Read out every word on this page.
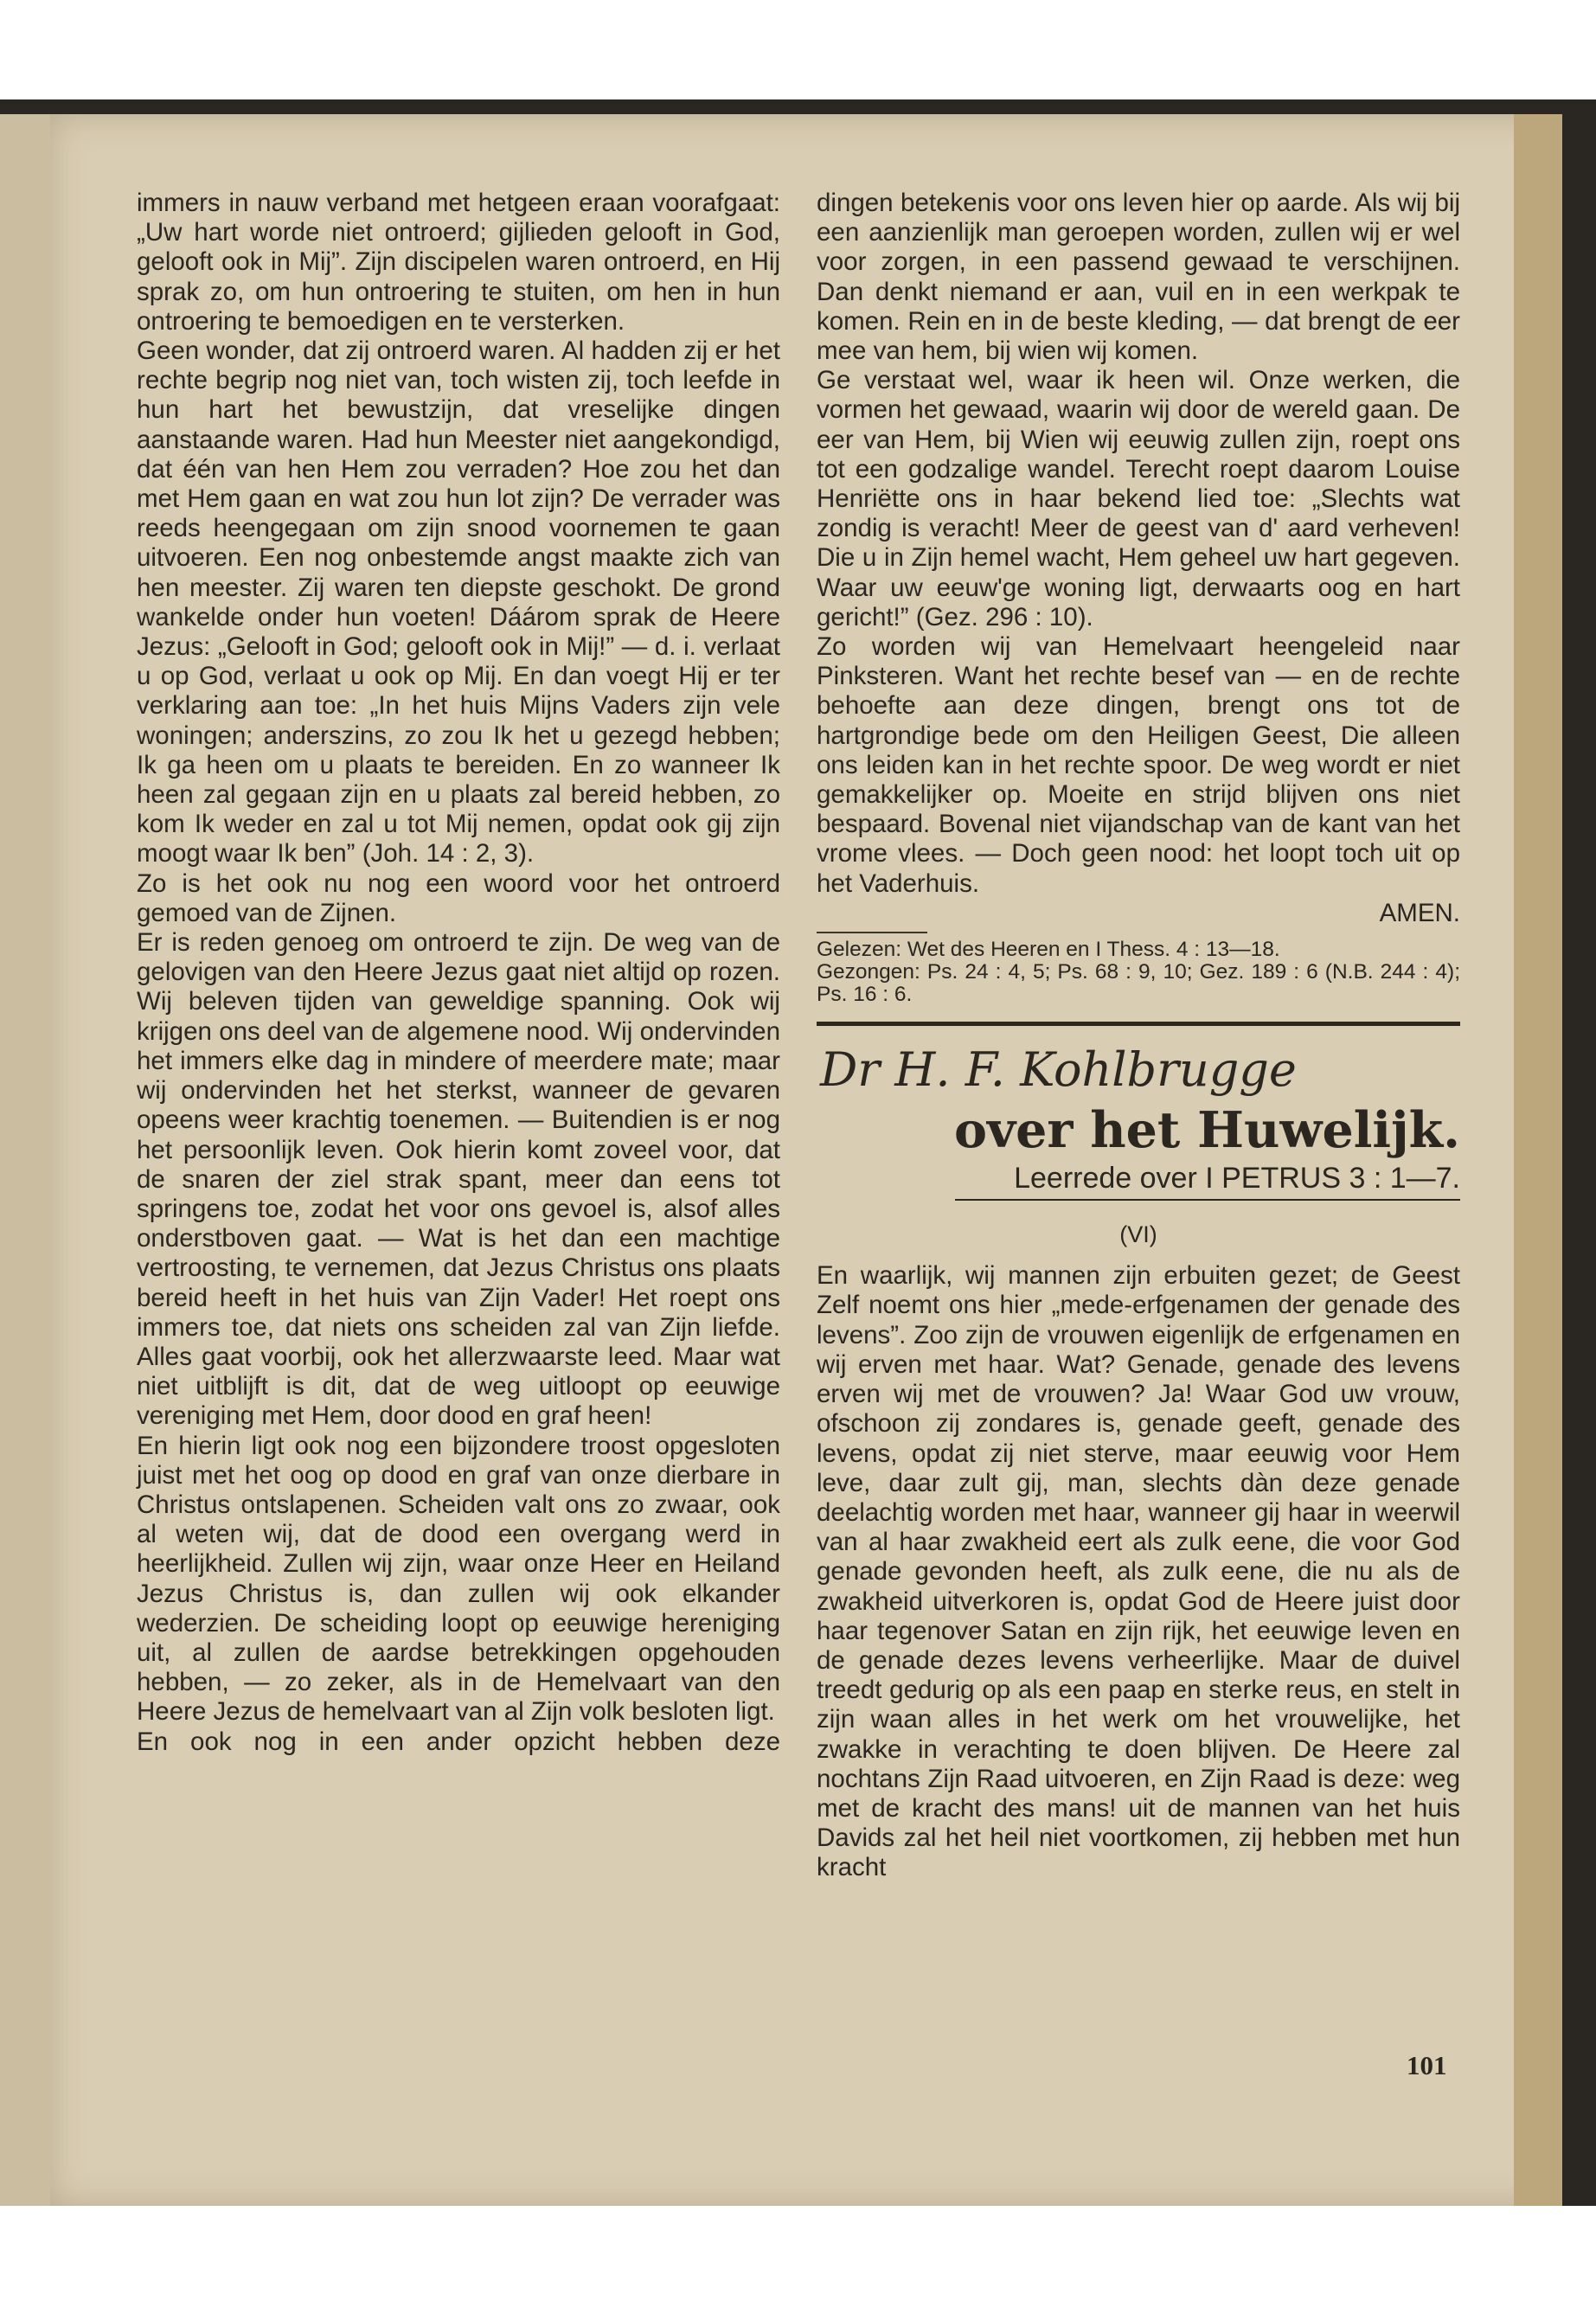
immers in nauw verband met hetgeen eraan voorafgaat: „Uw hart worde niet ontroerd; gijlieden gelooft in God, gelooft ook in Mij”. Zijn discipelen waren ontroerd, en Hij sprak zo, om hun ontroering te stuiten, om hen in hun ontroering te bemoedigen en te versterken.

Geen wonder, dat zij ontroerd waren. Al hadden zij er het rechte begrip nog niet van, toch wisten zij, toch leefde in hun hart het bewustzijn, dat vreselijke dingen aanstaande waren. Had hun Meester niet aangekondigd, dat één van hen Hem zou verraden? Hoe zou het dan met Hem gaan en wat zou hun lot zijn? De verrader was reeds heengegaan om zijn snood voornemen te gaan uitvoeren. Een nog onbestemde angst maakte zich van hen meester. Zij waren ten diepste geschokt. De grond wankelde onder hun voeten! Dáárom sprak de Heere Jezus: „Gelooft in God; gelooft ook in Mij!” — d. i. verlaat u op God, verlaat u ook op Mij. En dan voegt Hij er ter verklaring aan toe: „In het huis Mijns Vaders zijn vele woningen; anderszins, zo zou Ik het u gezegd hebben; Ik ga heen om u plaats te bereiden. En zo wanneer Ik heen zal gegaan zijn en u plaats zal bereid hebben, zo kom Ik weder en zal u tot Mij nemen, opdat ook gij zijn moogt waar Ik ben” (Joh. 14 : 2, 3).

Zo is het ook nu nog een woord voor het ontroerd gemoed van de Zijnen.

Er is reden genoeg om ontroerd te zijn. De weg van de gelovigen van den Heere Jezus gaat niet altijd op rozen. Wij beleven tijden van geweldige spanning. Ook wij krijgen ons deel van de algemene nood. Wij ondervinden het immers elke dag in mindere of meerdere mate; maar wij ondervinden het het sterkst, wanneer de gevaren opeens weer krachtig toenemen. — Buitendien is er nog het persoonlijk leven. Ook hierin komt zoveel voor, dat de snaren der ziel strak spant, meer dan eens tot springens toe, zodat het voor ons gevoel is, alsof alles onderstboven gaat. — Wat is het dan een machtige vertroosting, te vernemen, dat Jezus Christus ons plaats bereid heeft in het huis van Zijn Vader! Het roept ons immers toe, dat niets ons scheiden zal van Zijn liefde. Alles gaat voorbij, ook het allerzwaarste leed. Maar wat niet uitblijft is dit, dat de weg uitloopt op eeuwige vereniging met Hem, door dood en graf heen!

En hierin ligt ook nog een bijzondere troost opgesloten juist met het oog op dood en graf van onze dierbare in Christus ontslapenen. Scheiden valt ons zo zwaar, ook al weten wij, dat de dood een overgang werd in heerlijkheid. Zullen wij zijn, waar onze Heer en Heiland Jezus Christus is, dan zullen wij ook elkander wederzien. De scheiding loopt op eeuwige hereniging uit, al zullen de aardse betrekkingen opgehouden hebben, — zo zeker, als in de Hemelvaart van den Heere Jezus de hemelvaart van al Zijn volk besloten ligt.

En ook nog in een ander opzicht hebben deze

dingen betekenis voor ons leven hier op aarde. Als wij bij een aanzienlijk man geroepen worden, zullen wij er wel voor zorgen, in een passend gewaad te verschijnen. Dan denkt niemand er aan, vuil en in een werkpak te komen. Rein en in de beste kleding, — dat brengt de eer mee van hem, bij wien wij komen.

Ge verstaat wel, waar ik heen wil. Onze werken, die vormen het gewaad, waarin wij door de wereld gaan. De eer van Hem, bij Wien wij eeuwig zullen zijn, roept ons tot een godzalige wandel. Terecht roept daarom Louise Henriëtte ons in haar bekend lied toe: „Slechts wat zondig is veracht! Meer de geest van d' aard verheven! Die u in Zijn hemel wacht, Hem geheel uw hart gegeven. Waar uw eeuw'ge woning ligt, derwaarts oog en hart gericht!” (Gez. 296 : 10).

Zo worden wij van Hemelvaart heengeleid naar Pinksteren. Want het rechte besef van — en de rechte behoefte aan deze dingen, brengt ons tot de hartgrondige bede om den Heiligen Geest, Die alleen ons leiden kan in het rechte spoor. De weg wordt er niet gemakkelijker op. Moeite en strijd blijven ons niet bespaard. Bovenal niet vijandschap van de kant van het vrome vlees. — Doch geen nood: het loopt toch uit op het Vaderhuis.

AMEN.

Gelezen: Wet des Heeren en I Thess. 4 : 13—18.

Gezongen: Ps. 24 : 4, 5; Ps. 68 : 9, 10; Gez. 189 : 6 (N.B. 244 : 4); Ps. 16 : 6.

Dr H. F. Kohlbrugge
over het Huwelijk.
Leerrede over I PETRUS 3 : 1—7.
(VI)

En waarlijk, wij mannen zijn erbuiten gezet; de Geest Zelf noemt ons hier „mede-erfgenamen der genade des levens”. Zoo zijn de vrouwen eigenlijk de erfgenamen en wij erven met haar. Wat? Genade, genade des levens erven wij met de vrouwen? Ja! Waar God uw vrouw, ofschoon zij zondares is, genade geeft, genade des levens, opdat zij niet sterve, maar eeuwig voor Hem leve, daar zult gij, man, slechts dàn deze genade deelachtig worden met haar, wanneer gij haar in weerwil van al haar zwakheid eert als zulk eene, die voor God genade gevonden heeft, als zulk eene, die nu als de zwakheid uitverkoren is, opdat God de Heere juist door haar tegenover Satan en zijn rijk, het eeuwige leven en de genade dezes levens verheerlijke. Maar de duivel treedt gedurig op als een paap en sterke reus, en stelt in zijn waan alles in het werk om het vrouwelijke, het zwakke in verachting te doen blijven. De Heere zal nochtans Zijn Raad uitvoeren, en Zijn Raad is deze: weg met de kracht des mans! uit de mannen van het huis Davids zal het heil niet voortkomen, zij hebben met hun kracht

101
